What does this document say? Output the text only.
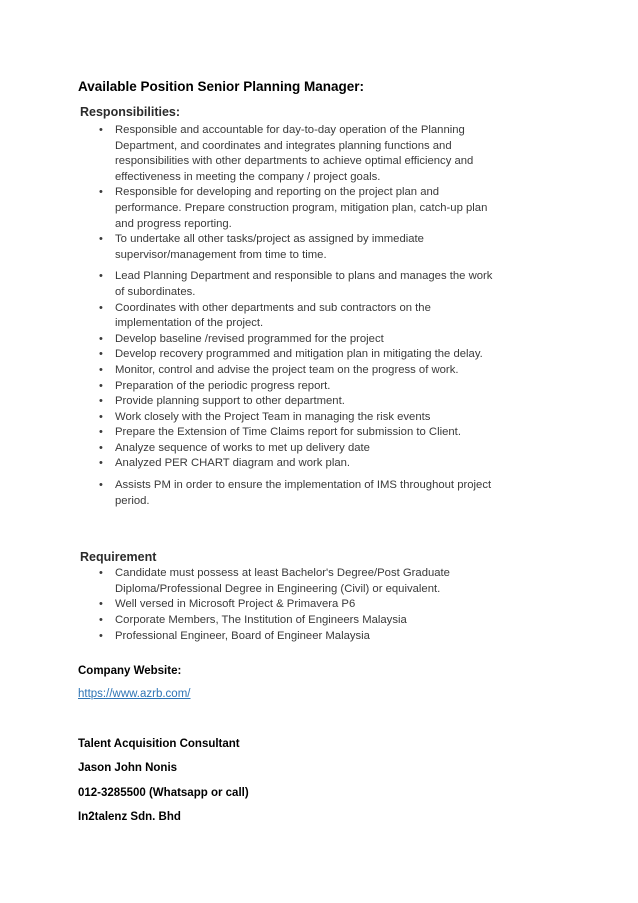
Available Position Senior Planning Manager:
Responsibilities:
• Responsible and accountable for day-to-day operation of the Planning
Department, and coordinates and integrates planning functions and
responsibilities with other departments to achieve optimal efficiency and
effectiveness in meeting the company / project goals.
• Responsible for developing and reporting on the project plan and
performance. Prepare construction program, mitigation plan, catch-up plan
and progress reporting.
• To undertake all other tasks/project as assigned by immediate
supervisor/management from time to time.
• Lead Planning Department and responsible to plans and manages the work
of subordinates.
• Coordinates with other departments and sub contractors on the
implementation of the project.
• Develop baseline /revised programmed for the project
• Develop recovery programmed and mitigation plan in mitigating the delay.
• Monitor, control and advise the project team on the progress of work.
• Preparation of the periodic progress report.
• Provide planning support to other department.
• Work closely with the Project Team in managing the risk events
• Prepare the Extension of Time Claims report for submission to Client.
• Analyze sequence of works to met up delivery date
• Analyzed PER CHART diagram and work plan.
• Assists PM in order to ensure the implementation of IMS throughout project
period.
Requirement
• Candidate must possess at least Bachelor's Degree/Post Graduate
Diploma/Professional Degree in Engineering (Civil) or equivalent.
• Well versed in Microsoft Project & Primavera P6
• Corporate Members, The Institution of Engineers Malaysia
• Professional Engineer, Board of Engineer Malaysia
Company Website:
https://www.azrb.com/
Talent Acquisition Consultant
Jason John Nonis
012-3285500 (Whatsapp or call)
In2talenz Sdn. Bhd
